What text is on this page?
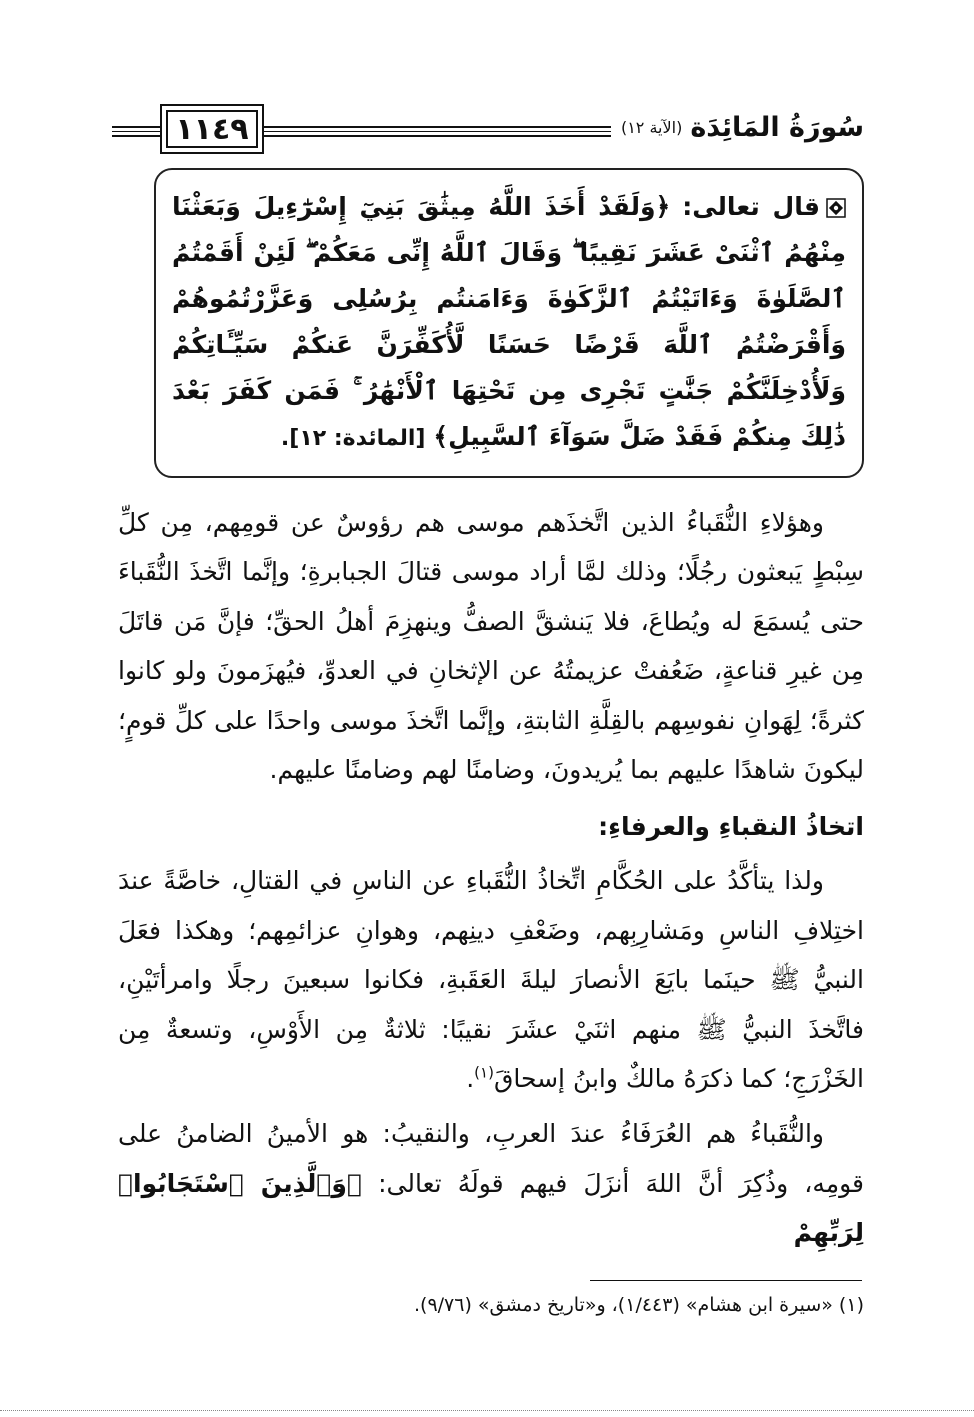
١١٤٩	سُورَةُ المَائِدَة
(الآية ١٢)
قال تعالى: ﴿وَلَقَدْ أَخَذَ اللَّهُ مِيثَٰقَ بَنِيٓ إِسْرَٰٓءِيلَ وَبَعَثْنَا مِنْهُمُ ٱثْنَىْ عَشَرَ نَقِيبًا ۖ وَقَالَ ٱللَّهُ إِنِّى مَعَكُمْ ۖ لَئِنْ أَقَمْتُمُ ٱلصَّلَوٰةَ وَءَاتَيْتُمُ ٱلزَّكَوٰةَ وَءَامَنتُم بِرُسُلِى وَعَزَّرْتُمُوهُمْ وَأَقْرَضْتُمُ ٱللَّهَ قَرْضًا حَسَنًا لَّأُكَفِّرَنَّ عَنكُمْ سَيِّـَٔاتِكُمْ وَلَأُدْخِلَنَّكُمْ جَنَّٰتٍ تَجْرِى مِن تَحْتِهَا ٱلْأَنْهَٰرُ ۚ فَمَن كَفَرَ بَعْدَ ذَٰلِكَ مِنكُمْ فَقَدْ ضَلَّ سَوَآءَ ٱلسَّبِيلِ﴾ [المائدة: ١٢].

وهؤلاءِ النُّقَباءُ الذين اتَّخذَهم موسى هم رؤوسٌ عن قومِهم، مِن كلِّ سِبْطٍ يَبعثون رجُلًا؛ وذلك لمَّا أراد موسى قتالَ الجبابرةِ؛ وإنَّما اتَّخذَ النُّقَباءَ حتى يُسمَعَ له ويُطاعَ، فلا يَنشقَّ الصفُّ وينهزِمَ أهلُ الحقِّ؛ فإنَّ مَن قاتَلَ مِن غيرِ قناعةٍ، ضَعُفتْ عزيمتُهُ عن الإثخانِ في العدوِّ، فيُهزَمونَ ولو كانوا كثرةً؛ لِهَوانِ نفوسِهم بالقِلَّةِ الثابتةِ، وإنَّما اتَّخذَ موسى واحدًا على كلِّ قومٍ؛ ليكونَ شاهدًا عليهم بما يُريدونَ، وضامنًا لهم وضامنًا عليهم.

اتخاذُ النقباءِ والعرفاءِ:

ولذا يتأكَّدُ على الحُكَّامِ اتِّخاذُ النُّقَباءِ عن الناسِ في القتالِ، خاصَّةً عندَ اختِلافِ الناسِ ومَشارِبِهم، وضَعْفِ دينِهم، وهوانِ عزائمِهم؛ وهكذا فعَلَ النبيُّ ﷺ حينَما بايَعَ الأنصارَ ليلةَ العَقَبةِ، فكانوا سبعينَ رجلًا وامرأتَيْنِ، فاتَّخذَ النبيُّ ﷺ منهم اثنَيْ عشَرَ نقيبًا: ثلاثةٌ مِن الأَوْسِ، وتسعةٌ مِن الخَزْرَجِ؛ كما ذكرَهُ مالكٌ وابنُ إسحاقَ$^{(١)}$.

والنُّقَباءُ هم العُرَفَاءُ عندَ العربِ، والنقيبُ: هو الأمينُ الضامنُ على قومِه، وذُكِرَ أنَّ اللهَ أنزَلَ فيهم قولَهُ تعالى: ﴿وَٱلَّذِينَ ٱسْتَجَابُوا۟ لِرَبِّهِمْ

(١) «سيرة ابن هشام» (١/٤٤٣)، و«تاريخ دمشق» (٩/٧٦).
